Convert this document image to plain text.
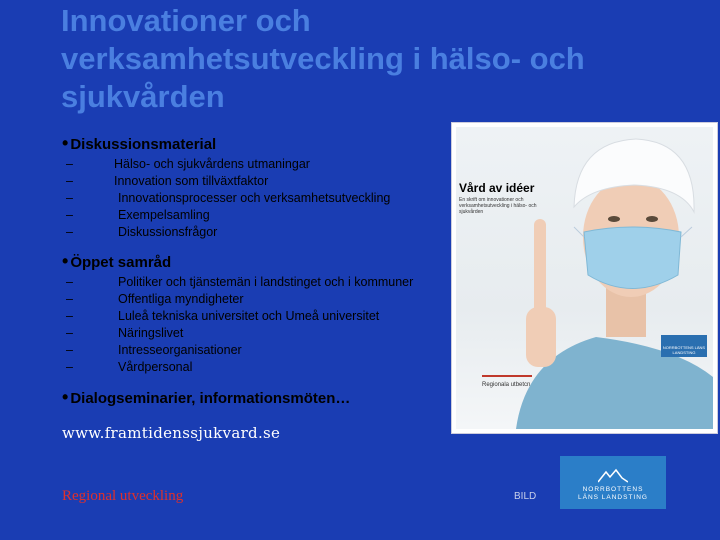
Innovationer och verksamhetsutveckling i hälso- och sjukvården
• Diskussionsmaterial
–	Hälso- och sjukvårdens utmaningar
–	Innovation som tillväxtfaktor
–	Innovationsprocesser och verksamhetsutveckling
–	Exempelsamling
–	Diskussionsfrågor
• Öppet samråd
–	Politiker och tjänstemän i landstinget och i kommuner
–	Offentliga myndigheter
–	Luleå tekniska universitet och Umeå universitet
–	Näringslivet
–	Intresseorganisationer
–	Vårdpersonal
• Dialogseminarier, informationsmöten…
www.framtidenssjukvard.se
Regional utveckling	BILD
Vård av idéer
En skrift om innovationer och verksamhetsutveckling i hälso- och sjukvården
NORRBOTTENS LÄNS LANDSTING
Regionala utbetcn
NORRBOTTENS
LÄNS LANDSTING
